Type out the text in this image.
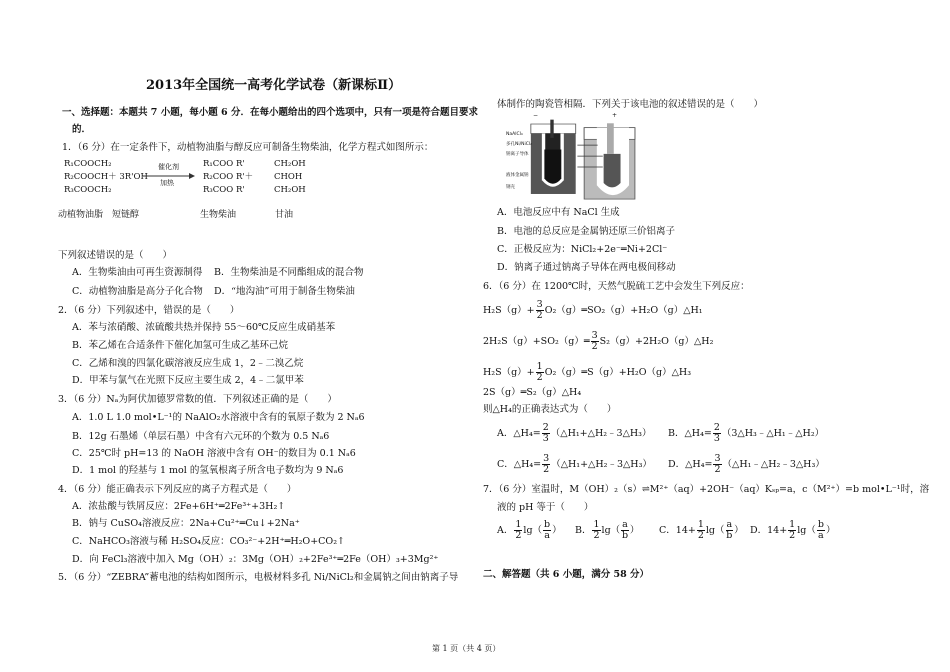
2013年全国统一高考化学试卷（新课标Ⅱ）
一、选择题：本题共 7 小题，每小题 6 分．在每小题给出的四个选项中，只有一项是符合题目要求
的．
1．（6 分）在一定条件下，动植物油脂与醇反应可制备生物柴油，化学方程式如图所示：
R₁COOCH₂
R₂COOCH＋ 3R'OH
R₃COOCH₂
催化剂
加热
R₁COO R'
R₂COO R'＋
R₃COO R'
CH₂OH
CHOH
CH₂OH
动植物油脂 短链醇	生物柴油	甘油
下列叙述错误的是（　　）
A．生物柴油由可再生资源制得 B．生物柴油是不同酯组成的混合物
C．动植物油脂是高分子化合物 D．“地沟油”可用于制备生物柴油
2．（6 分）下列叙述中，错误的是（　　）
A．苯与浓硝酸、浓硫酸共热并保持 55～60℃反应生成硝基苯
B．苯乙烯在合适条件下催化加氢可生成乙基环己烷
C．乙烯和溴的四氯化碳溶液反应生成 1，2﹣二溴乙烷
D．甲苯与氯气在光照下反应主要生成 2，4﹣二氯甲苯
3．（6 分）Nₐ为阿伏加德罗常数的值．下列叙述正确的是（　　）
A．1.0 L 1.0 mol•L⁻¹的 NaAlO₂水溶液中含有的氧原子数为 2 Nₐ6
B．12g 石墨烯（单层石墨）中含有六元环的个数为 0.5 Nₐ6
C．25℃时 pH=13 的 NaOH 溶液中含有 OH⁻的数目为 0.1 Nₐ6
D．1 mol 的羟基与 1 mol 的氢氧根离子所含电子数均为 9 Nₐ6
4．（6 分）能正确表示下列反应的离子方程式是（　　）
A．浓盐酸与铁屑反应：2Fe+6H⁺═2Fe³⁺+3H₂↑
B．钠与 CuSO₄溶液反应：2Na+Cu²⁺═Cu↓+2Na⁺
C．NaHCO₃溶液与稀 H₂SO₄反应：CO₃²⁻+2H⁺═H₂O+CO₂↑
D．向 FeCl₃溶液中加入 Mg（OH）₂：3Mg（OH）₂+2Fe³⁺═2Fe（OH）₃+3Mg²⁺
5．（6 分）“ZEBRA”蓄电池的结构如图所示，电极材料多孔 Ni/NiCl₂和金属钠之间由钠离子导
体制作的陶瓷管相隔．下列关于该电池的叙述错误的是（　　）
−	+
NaAlCl₄
多孔Ni/NiCl₂
钠离子导体
液体金属钠
钢壳
A．电池反应中有 NaCl 生成
B．电池的总反应是金属钠还原三价铝离子
C．正极反应为：NiCl₂+2e⁻═Ni+2Cl⁻
D．钠离子通过钠离子导体在两电极间移动
6．（6 分）在 1200℃时，天然气脱硫工艺中会发生下列反应：
$H_2S(g)+ \frac{3}{2}$ O₂（g）═SO₂（g）+H₂O（g）△H₁
2H₂S（g）+SO₂（g）═ $\frac{3}{2}$ S₂（g）+2H₂O（g）△H₂
$H_2S(g)+ \frac{1}{2}$ O₂（g）═S（g）+H₂O（g）△H₃
2S（g）═S₂（g）△H₄
则△H₄的正确表达式为（　　）
A．△H₄= $\frac{2}{3}$ （△H₁+△H₂﹣3△H₃） B．△H₄= $\frac{2}{3}$ （3△H₃﹣△H₁﹣△H₂）
C．△H₄= $\frac{3}{2}$ （△H₁+△H₂﹣3△H₃） D．△H₄= $\frac{3}{2}$ （△H₁﹣△H₂﹣3△H₃）
7．（6 分）室温时，M（OH）₂（s）⇌M²⁺（aq）+2OH⁻（aq）Kₛₚ=a，c（M²⁺）=b mol•L⁻¹时，溶
液的 pH 等于（　　）
A． $\frac{1}{2} \lg( \frac{b}{a}$ ） B． $\frac{1}{2} \lg( \frac{a}{b}$ ） C．$14+ \frac{1}{2} \lg( \frac{a}{b}$ ） D．$14+ \frac{1}{2} \lg( \frac{b}{a}$ ）
二、解答题（共 6 小题，满分 58 分）
第 1 页（共 4 页）
